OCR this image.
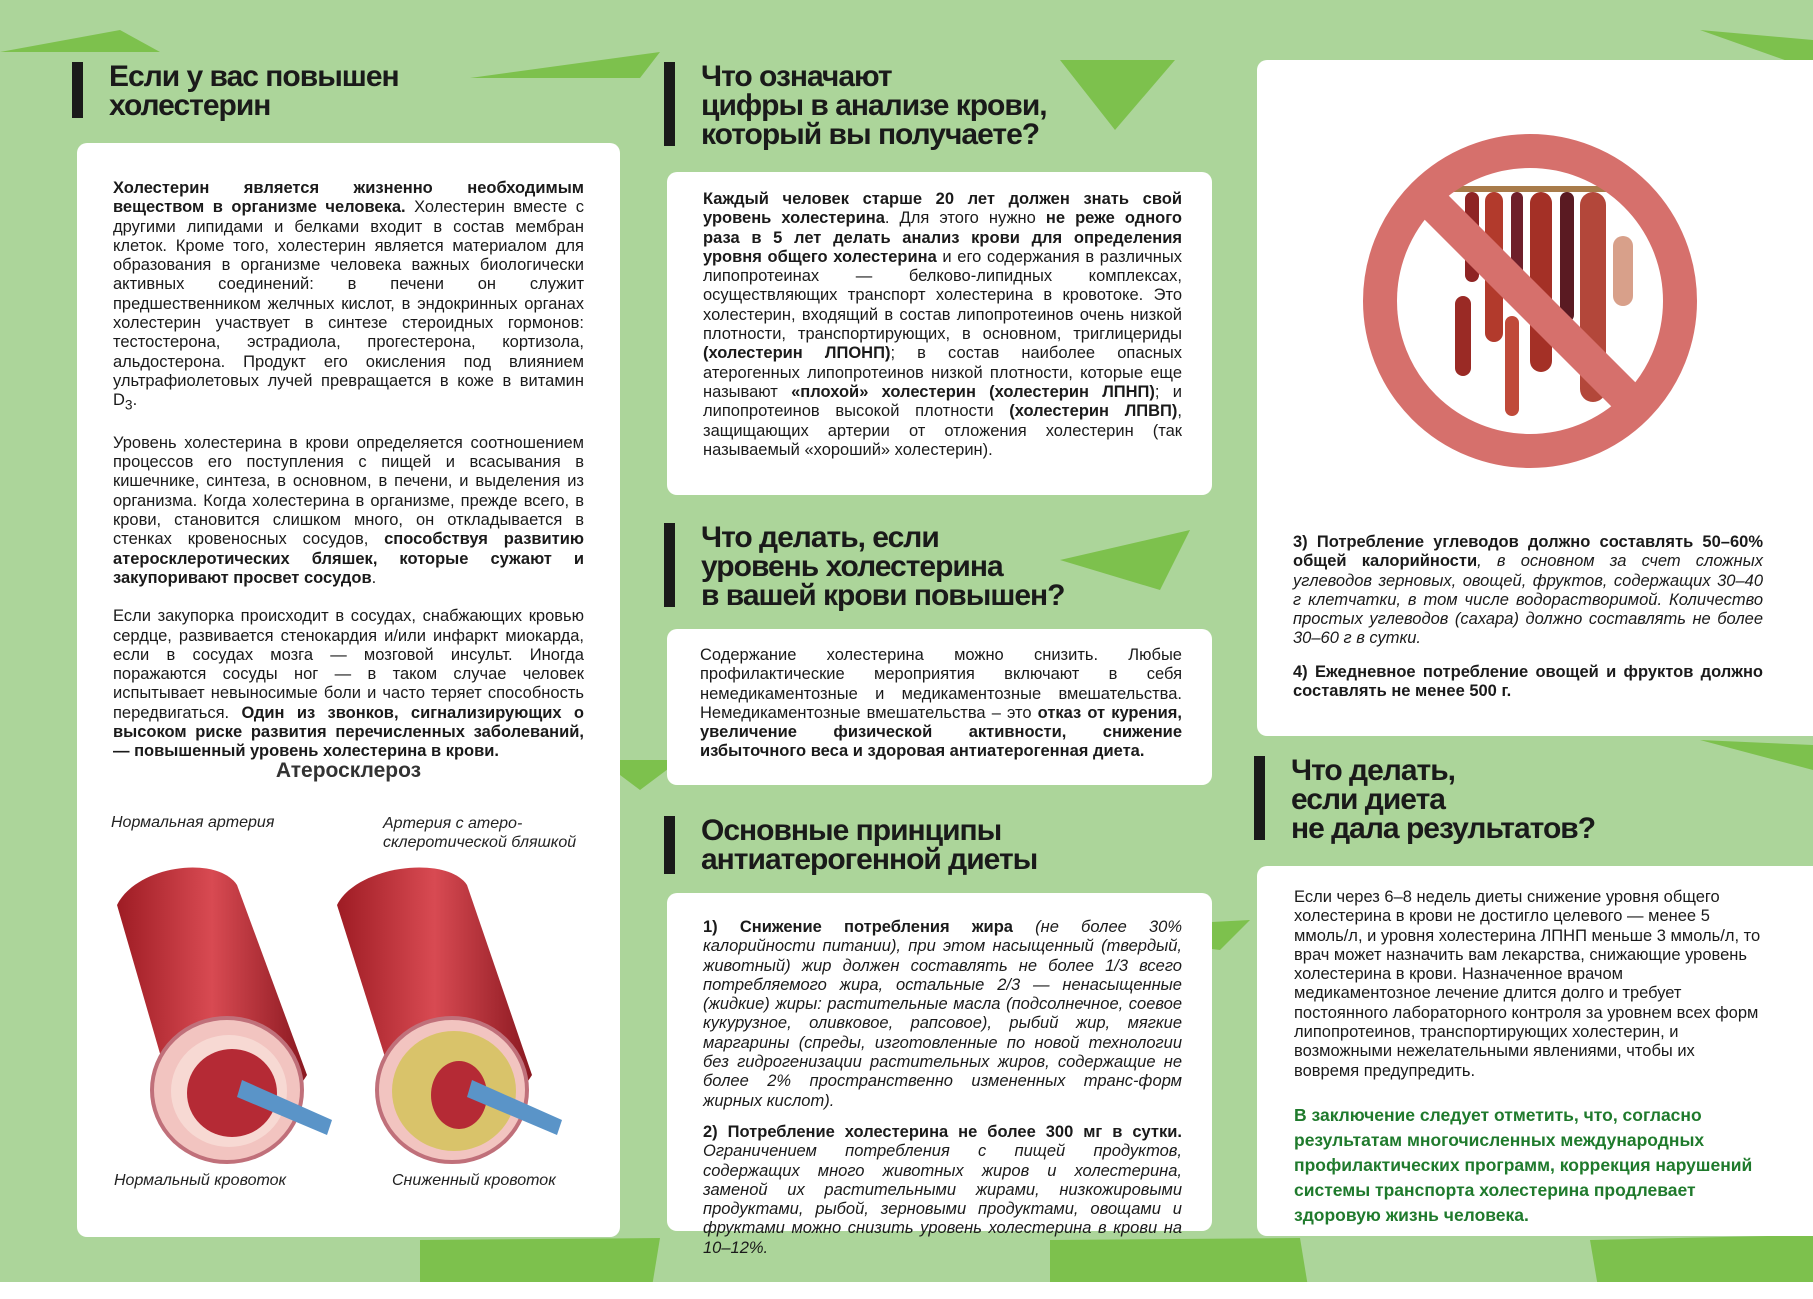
Если у вас повышен
холестерин

Холестерин является жизненно необходимым веществом в организме человека. Холестерин вместе с другими липидами и белками входит в состав мембран клеток. Кроме того, холестерин является материалом для образования в организме человека важных биологически активных соединений: в печени он служит предшественником желчных кислот, в эндокринных органах холестерин участвует в синтезе стероидных гормонов: тестостерона, эстрадиола, прогестерона, кортизола, альдостерона. Продукт его окисления под влиянием ультрафиолетовых лучей превращается в коже в витамин $D_3$.

Уровень холестерина в крови определяется соотношением процессов его поступления с пищей и всасывания в кишечнике, синтеза, в основном, в печени, и выделения из организма. Когда холестерина в организме, прежде всего, в крови, становится слишком много, он откладывается в стенках кровеносных сосудов, способствуя развитию атеросклеротических бляшек, которые сужают и закупоривают просвет сосудов.

Если закупорка происходит в сосудах, снабжающих кровью сердце, развивается стенокардия и/или инфаркт миокарда, если в сосудах мозга — мозговой инсульт. Иногда поражаются сосуды ног — в таком случае человек испытывает невыносимые боли и часто теряет способность передвигаться. Один из звонков, сигнализирующих о высоком риске развития перечисленных заболеваний, — повышенный уровень холестерина в крови.

Атеросклероз
Нормальная артерия	Артерия с атеро-
склеротической бляшкой
Нормальный кровоток	Сниженный кровоток
Что означают
цифры в анализе крови,
который вы получаете?

Каждый человек старше 20 лет должен знать свой уровень холестерина. Для этого нужно не реже одного раза в 5 лет делать анализ крови для определения уровня общего холестерина и его содержания в различных липопротеинах — белково-липидных комплексах, осуществляющих транспорт холестерина в кровотоке. Это холестерин, входящий в состав липопротеинов очень низкой плотности, транспортирующих, в основном, триглицериды (холестерин ЛПОНП); в состав наиболее опасных атерогенных липопротеинов низкой плотности, которые еще называют «плохой» холестерин (холестерин ЛПНП); и липопротеинов высокой плотности (холестерин ЛПВП), защищающих артерии от отложения холестерин (так называемый «хороший» холестерин).

Что делать, если
уровень холестерина
в вашей крови повышен?

Содержание холестерина можно снизить. Любые профилактические мероприятия включают в себя немедикаментозные и медикаментозные вмешательства. Немедикаментозные вмешательства – это отказ от курения, увеличение физической активности, снижение избыточного веса и здоровая антиатерогенная диета.

Основные принципы
антиатерогенной диеты

1) Снижение потребления жира (не более 30% калорийности питании), при этом насыщенный (твердый, животный) жир должен составлять не более 1/3 всего потребляемого жира, остальные 2/3 — ненасыщенные (жидкие) жиры: растительные масла (подсолнечное, соевое кукурузное, оливковое, рапсовое), рыбий жир, мягкие маргарины (спреды, изготовленные по новой технологии без гидрогенизации растительных жиров, содержащие не более 2% пространственно измененных транс-форм жирных кислот).

2) Потребление холестерина не более 300 мг в сутки. Ограничением потребления с пищей продуктов, содержащих много животных жиров и холестерина, заменой их растительными жирами, низкожировыми продуктами, рыбой, зерновыми продуктами, овощами и фруктами можно снизить уровень холестерина в крови на 10–12%.

3) Потребление углеводов должно составлять 50–60% общей калорийности, в основном за счет сложных углеводов зерновых, овощей, фруктов, содержащих 30–40 г клетчатки, в том числе водорастворимой. Количество простых углеводов (сахара) должно составлять не более 30–60 г в сутки.

4) Ежедневное потребление овощей и фруктов должно составлять не менее 500 г.

Что делать,
если диета
не дала результатов?

Если через 6–8 недель диеты снижение уровня общего холестерина в крови не достигло целевого — менее 5 ммоль/л, и уровня холестерина ЛПНП меньше 3 ммоль/л, то врач может назначить вам лекарства, снижающие уровень холестерина в крови. Назначенное врачом медикаментозное лечение длится долго и требует постоянного лабораторного контроля за уровнем всех форм липопротеинов, транспортирующих холестерин, и возможными нежелательными явлениями, чтобы их вовремя предупредить.

В заключение следует отметить, что, согласно результатам многочисленных международных профилактических программ, коррекция нарушений системы транспорта холестерина продлевает здоровую жизнь человека.
